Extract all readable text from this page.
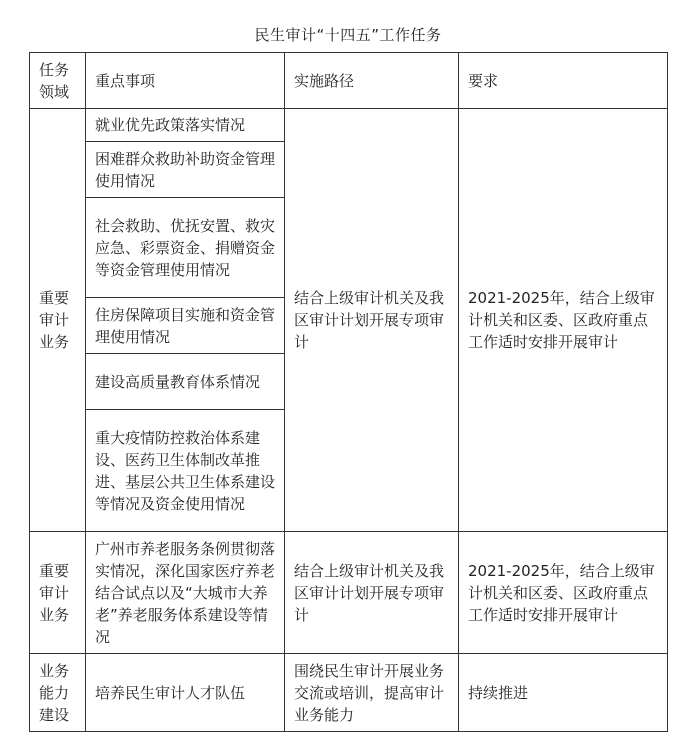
民生审计“十四五”工作任务
任务领域	重点事项	实施路径	要求
重要审计业务	就业优先政策落实情况	结合上级审计机关及我区审计计划开展专项审计	2021-2025年，结合上级审计机关和区委、区政府重点工作适时安排开展审计
	困难群众救助补助资金管理使用情况		
	社会救助、优抚安置、救灾应急、彩票资金、捐赠资金等资金管理使用情况		
	住房保障项目实施和资金管理使用情况		
	建设高质量教育体系情况		
	重大疫情防控救治体系建设、医药卫生体制改革推进、基层公共卫生体系建设等情况及资金使用情况		
重要审计业务	广州市养老服务条例贯彻落实情况，深化国家医疗养老结合试点以及“大城市大养老”养老服务体系建设等情况	结合上级审计机关及我区审计计划开展专项审计	2021-2025年，结合上级审计机关和区委、区政府重点工作适时安排开展审计
业务能力建设	培养民生审计人才队伍	围绕民生审计开展业务交流或培训，提高审计业务能力	持续推进
